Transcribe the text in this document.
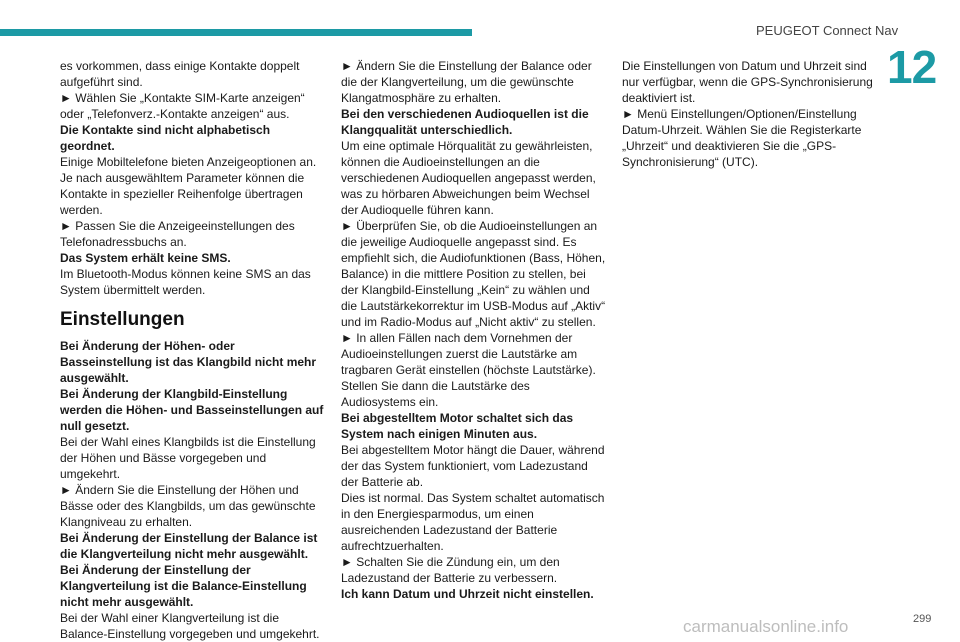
PEUGEOT Connect Nav
12

es vorkommen, dass einige Kontakte doppelt aufgeführt sind.

► Wählen Sie „Kontakte SIM-Karte anzeigen“ oder „Telefonverz.-Kontakte anzeigen“ aus.

Die Kontakte sind nicht alphabetisch geordnet.

Einige Mobiltelefone bieten Anzeigeoptionen an. Je nach ausgewähltem Parameter können die Kontakte in spezieller Reihenfolge übertragen werden.

► Passen Sie die Anzeigeeinstellungen des Telefonadressbuchs an.

Das System erhält keine SMS.

Im Bluetooth-Modus können keine SMS an das System übermittelt werden.

Einstellungen

Bei Änderung der Höhen- oder Basseinstellung ist das Klangbild nicht mehr ausgewählt.

Bei Änderung der Klangbild-Einstellung werden die Höhen- und Basseinstellungen auf null gesetzt.

Bei der Wahl eines Klangbilds ist die Einstellung der Höhen und Bässe vorgegeben und umgekehrt.

► Ändern Sie die Einstellung der Höhen und Bässe oder des Klangbilds, um das gewünschte Klangniveau zu erhalten.

Bei Änderung der Einstellung der Balance ist die Klangverteilung nicht mehr ausgewählt.

Bei Änderung der Einstellung der Klangverteilung ist die Balance-Einstellung nicht mehr ausgewählt.

Bei der Wahl einer Klangverteilung ist die Balance-Einstellung vorgegeben und umgekehrt.

► Ändern Sie die Einstellung der Balance oder die der Klangverteilung, um die gewünschte Klangatmosphäre zu erhalten.

Bei den verschiedenen Audioquellen ist die Klangqualität unterschiedlich.

Um eine optimale Hörqualität zu gewährleisten, können die Audioeinstellungen an die verschiedenen Audioquellen angepasst werden, was zu hörbaren Abweichungen beim Wechsel der Audioquelle führen kann.

► Überprüfen Sie, ob die Audioeinstellungen an die jeweilige Audioquelle angepasst sind. Es empfiehlt sich, die Audiofunktionen (Bass, Höhen, Balance) in die mittlere Position zu stellen, bei der Klangbild-Einstellung „Kein“ zu wählen und die Lautstärkekorrektur im USB-Modus auf „Aktiv“ und im Radio-Modus auf „Nicht aktiv“ zu stellen.

► In allen Fällen nach dem Vornehmen der Audioeinstellungen zuerst die Lautstärke am tragbaren Gerät einstellen (höchste Lautstärke). Stellen Sie dann die Lautstärke des Audiosystems ein.

Bei abgestelltem Motor schaltet sich das System nach einigen Minuten aus.

Bei abgestelltem Motor hängt die Dauer, während der das System funktioniert, vom Ladezustand der Batterie ab.

Dies ist normal. Das System schaltet automatisch in den Energiesparmodus, um einen ausreichenden Ladezustand der Batterie aufrechtzuerhalten.

► Schalten Sie die Zündung ein, um den Ladezustand der Batterie zu verbessern.

Ich kann Datum und Uhrzeit nicht einstellen.

Die Einstellungen von Datum und Uhrzeit sind nur verfügbar, wenn die GPS-Synchronisierung deaktiviert ist.

► Menü Einstellungen/Optionen/Einstellung Datum-Uhrzeit. Wählen Sie die Registerkarte „Uhrzeit“ und deaktivieren Sie die „GPS-Synchronisierung“ (UTC).

carmanualsonline.info	299
